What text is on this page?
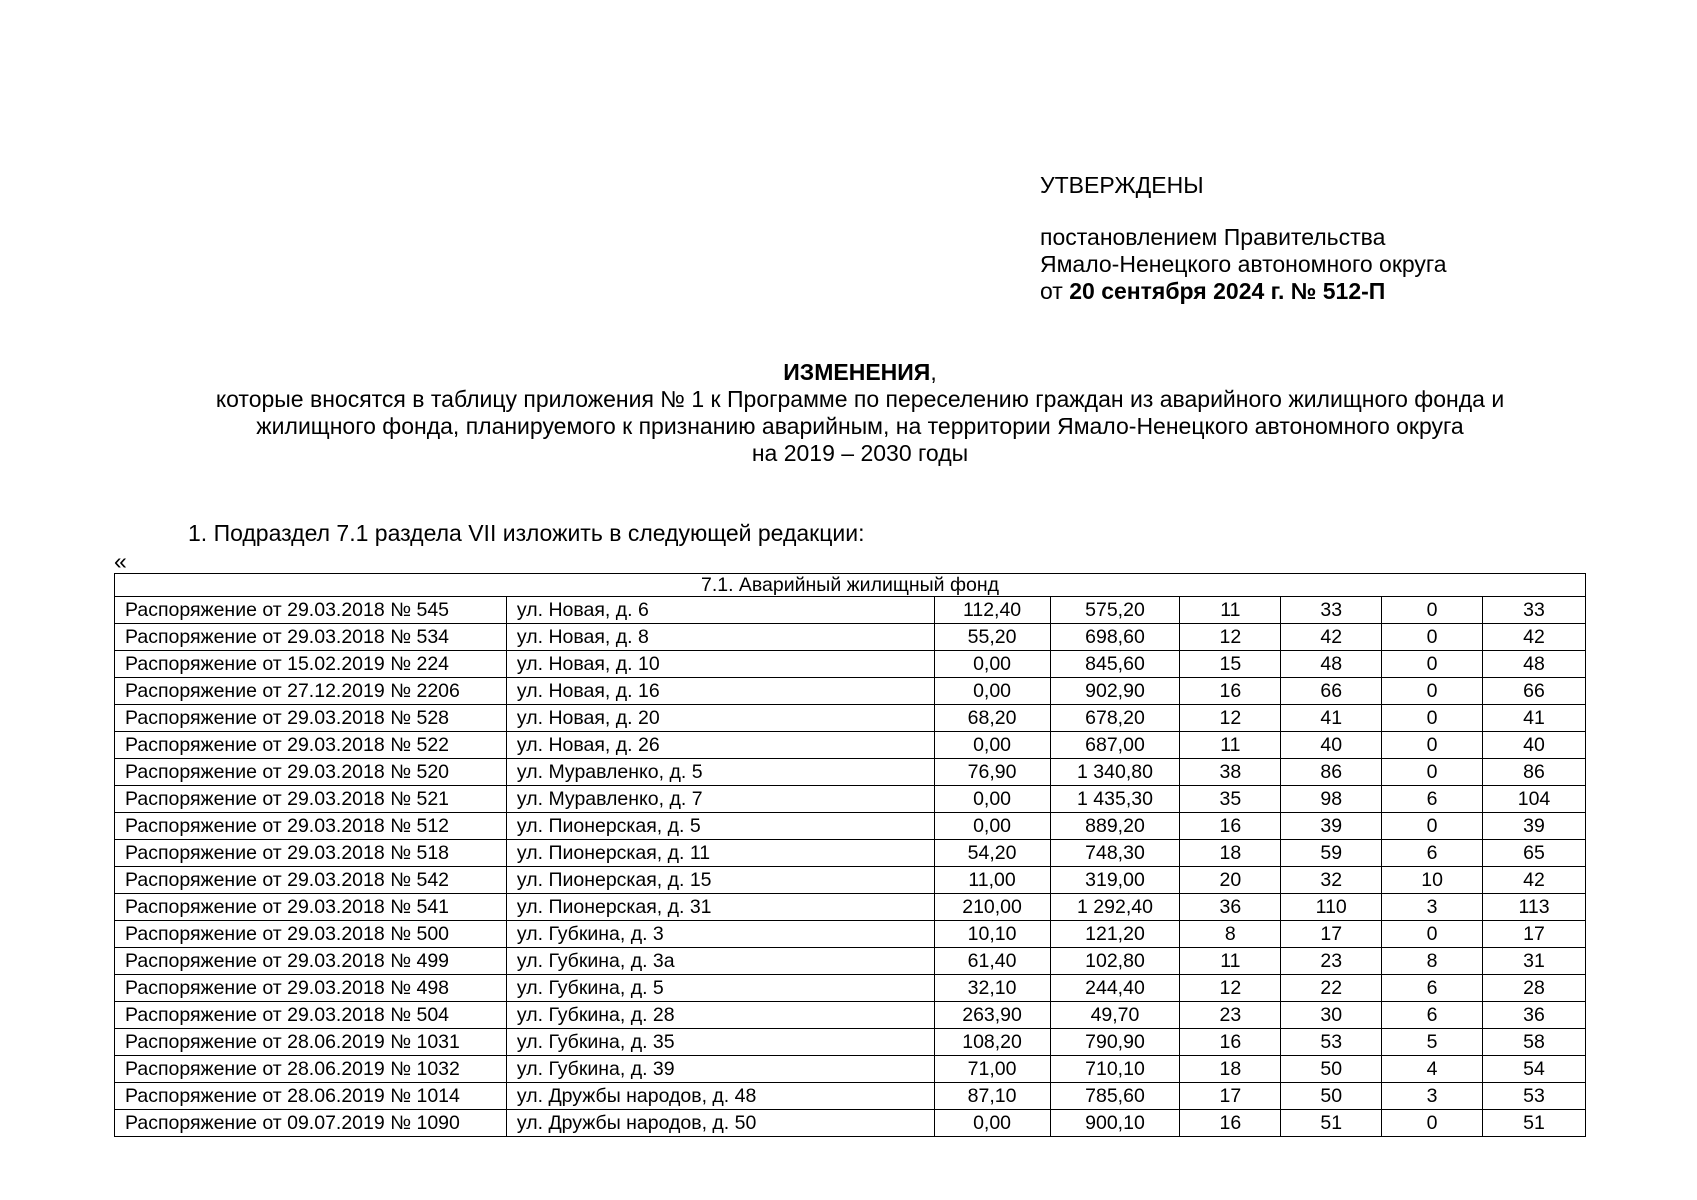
УТВЕРЖДЕНЫ
постановлением Правительства
Ямало-Ненецкого автономного округа
от 20 сентября 2024 г. № 512-П
ИЗМЕНЕНИЯ,
которые вносятся в таблицу приложения № 1 к Программе по переселению граждан из аварийного жилищного фонда и
жилищного фонда, планируемого к признанию аварийным, на территории Ямало-Ненецкого автономного округа
на 2019 – 2030 годы
1. Подраздел 7.1 раздела VII изложить в следующей редакции:
«
7.1. Аварийный жилищный фонд							
Распоряжение от 29.03.2018 № 545	ул. Новая, д. 6	112,40	575,20	11	33	0	33
Распоряжение от 29.03.2018 № 534	ул. Новая, д. 8	55,20	698,60	12	42	0	42
Распоряжение от 15.02.2019 № 224	ул. Новая, д. 10	0,00	845,60	15	48	0	48
Распоряжение от 27.12.2019 № 2206	ул. Новая, д. 16	0,00	902,90	16	66	0	66
Распоряжение от 29.03.2018 № 528	ул. Новая, д. 20	68,20	678,20	12	41	0	41
Распоряжение от 29.03.2018 № 522	ул. Новая, д. 26	0,00	687,00	11	40	0	40
Распоряжение от 29.03.2018 № 520	ул. Муравленко, д. 5	76,90	1 340,80	38	86	0	86
Распоряжение от 29.03.2018 № 521	ул. Муравленко, д. 7	0,00	1 435,30	35	98	6	104
Распоряжение от 29.03.2018 № 512	ул. Пионерская, д. 5	0,00	889,20	16	39	0	39
Распоряжение от 29.03.2018 № 518	ул. Пионерская, д. 11	54,20	748,30	18	59	6	65
Распоряжение от 29.03.2018 № 542	ул. Пионерская, д. 15	11,00	319,00	20	32	10	42
Распоряжение от 29.03.2018 № 541	ул. Пионерская, д. 31	210,00	1 292,40	36	110	3	113
Распоряжение от 29.03.2018 № 500	ул. Губкина, д. 3	10,10	121,20	8	17	0	17
Распоряжение от 29.03.2018 № 499	ул. Губкина, д. 3а	61,40	102,80	11	23	8	31
Распоряжение от 29.03.2018 № 498	ул. Губкина, д. 5	32,10	244,40	12	22	6	28
Распоряжение от 29.03.2018 № 504	ул. Губкина, д. 28	263,90	49,70	23	30	6	36
Распоряжение от 28.06.2019 № 1031	ул. Губкина, д. 35	108,20	790,90	16	53	5	58
Распоряжение от 28.06.2019 № 1032	ул. Губкина, д. 39	71,00	710,10	18	50	4	54
Распоряжение от 28.06.2019 № 1014	ул. Дружбы народов, д. 48	87,10	785,60	17	50	3	53
Распоряжение от 09.07.2019 № 1090	ул. Дружбы народов, д. 50	0,00	900,10	16	51	0	51
